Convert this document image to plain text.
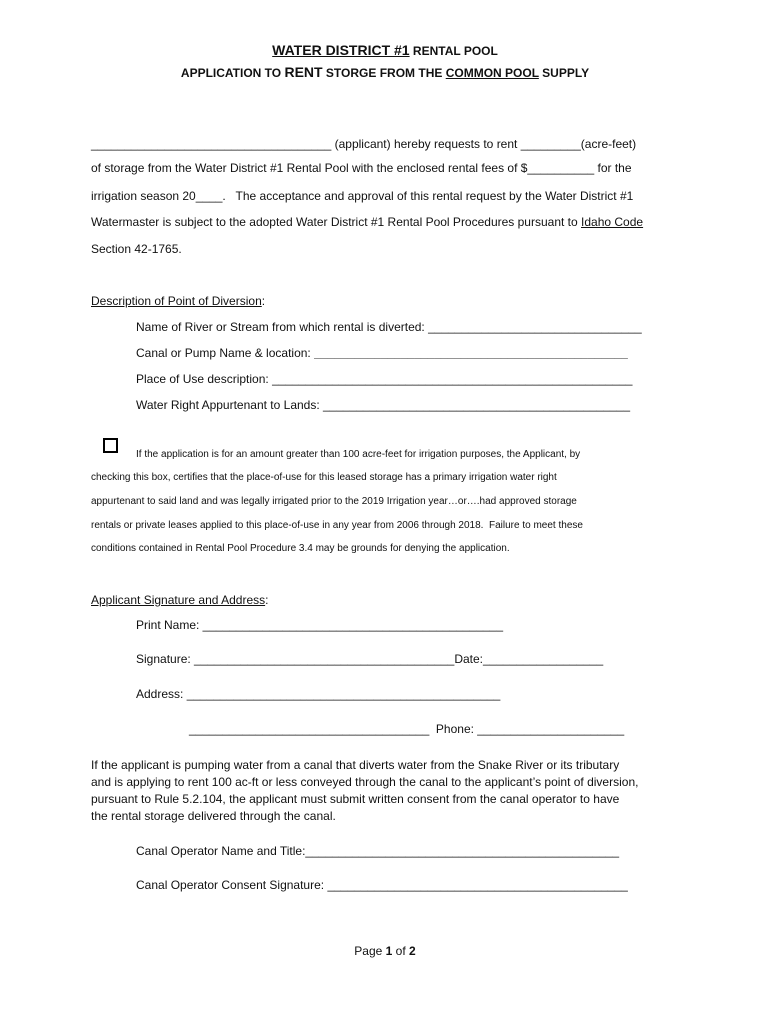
WATER DISTRICT #1 RENTAL POOL
APPLICATION TO RENT STORGE FROM THE COMMON POOL SUPPLY
____________________________________ (applicant) hereby requests to rent _________(acre-feet)
of storage from the Water District #1 Rental Pool with the enclosed rental fees of $__________ for the
irrigation season 20____.   The acceptance and approval of this rental request by the Water District #1
Watermaster is subject to the adopted Water District #1 Rental Pool Procedures pursuant to Idaho Code
Section 42-1765.
Description of Point of Diversion:
Name of River or Stream from which rental is diverted: ________________________________
Canal or Pump Name & location: _______________________________________________
Place of Use description: ______________________________________________________
Water Right Appurtenant to Lands: ______________________________________________
If the application is for an amount greater than 100 acre-feet for irrigation purposes, the Applicant, by
checking this box, certifies that the place-of-use for this leased storage has a primary irrigation water right
appurtenant to said land and was legally irrigated prior to the 2019 Irrigation year…or….had approved storage
rentals or private leases applied to this place-of-use in any year from 2006 through 2018.  Failure to meet these
conditions contained in Rental Pool Procedure 3.4 may be grounds for denying the application.
Applicant Signature and Address:
Print Name: _____________________________________________
Signature: _______________________________________Date:__________________
Address: _______________________________________________
____________________________________  Phone: ______________________
If the applicant is pumping water from a canal that diverts water from the Snake River or its tributary
and is applying to rent 100 ac-ft or less conveyed through the canal to the applicant’s point of diversion,
pursuant to Rule 5.2.104, the applicant must submit written consent from the canal operator to have
the rental storage delivered through the canal.
Canal Operator Name and Title:_______________________________________________
Canal Operator Consent Signature: _____________________________________________
Page 1 of 2
